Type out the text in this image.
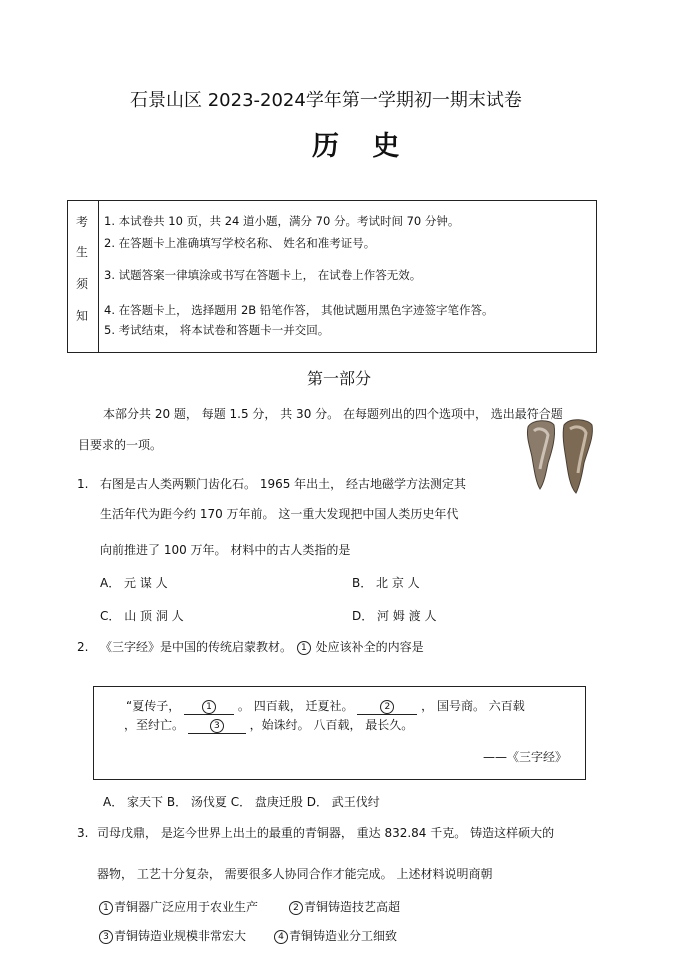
石景山区 2023-2024学年第一学期初一期末试卷
历 史
考
生
须
知
1. 本试卷共 10 页，共 24 道小题，满分 70 分。考试时间 70 分钟。
2. 在答题卡上准确填写学校名称、 姓名和准考证号。
3. 试题答案一律填涂或书写在答题卡上， 在试卷上作答无效。
4. 在答题卡上， 选择题用 2B 铅笔作答， 其他试题用黑色字迹签字笔作答。
5. 考试结束， 将本试卷和答题卡一并交回。
第一部分
本部分共 20 题， 每题 1.5 分， 共 30 分。 在每题列出的四个选项中， 选出最符合题
目要求的一项。
1. 右图是古人类两颗门齿化石。 1965 年出土， 经古地磁学方法测定其
生活年代为距今约 170 万年前。 这一重大发现把中国人类历史年代
向前推进了 100 万年。 材料中的古人类指的是
A． 元 谋 人	B． 北 京 人
C． 山 顶 洞 人	D． 河 姆 渡 人
2. 《三字经》是中国的传统启蒙教材。 1 处应该补全的内容是
“夏传子，	1 。 四百载， 迁夏社。	2	， 国号商。 六百载
，至纣亡。	3 ，始诛纣。 八百载， 最长久。
——《三字经》
A． 家天下 B． 汤伐夏 C． 盘庚迁殷 D． 武王伐纣
3. 司母戊鼎， 是迄今世界上出土的最重的青铜器， 重达 832.84 千克。 铸造这样硕大的
器物， 工艺十分复杂， 需要很多人协同合作才能完成。 上述材料说明商朝
1 青铜器广泛应用于农业生产	2 青铜铸造技艺高超
3 青铜铸造业规模非常宏大	4 青铜铸造业分工细致
